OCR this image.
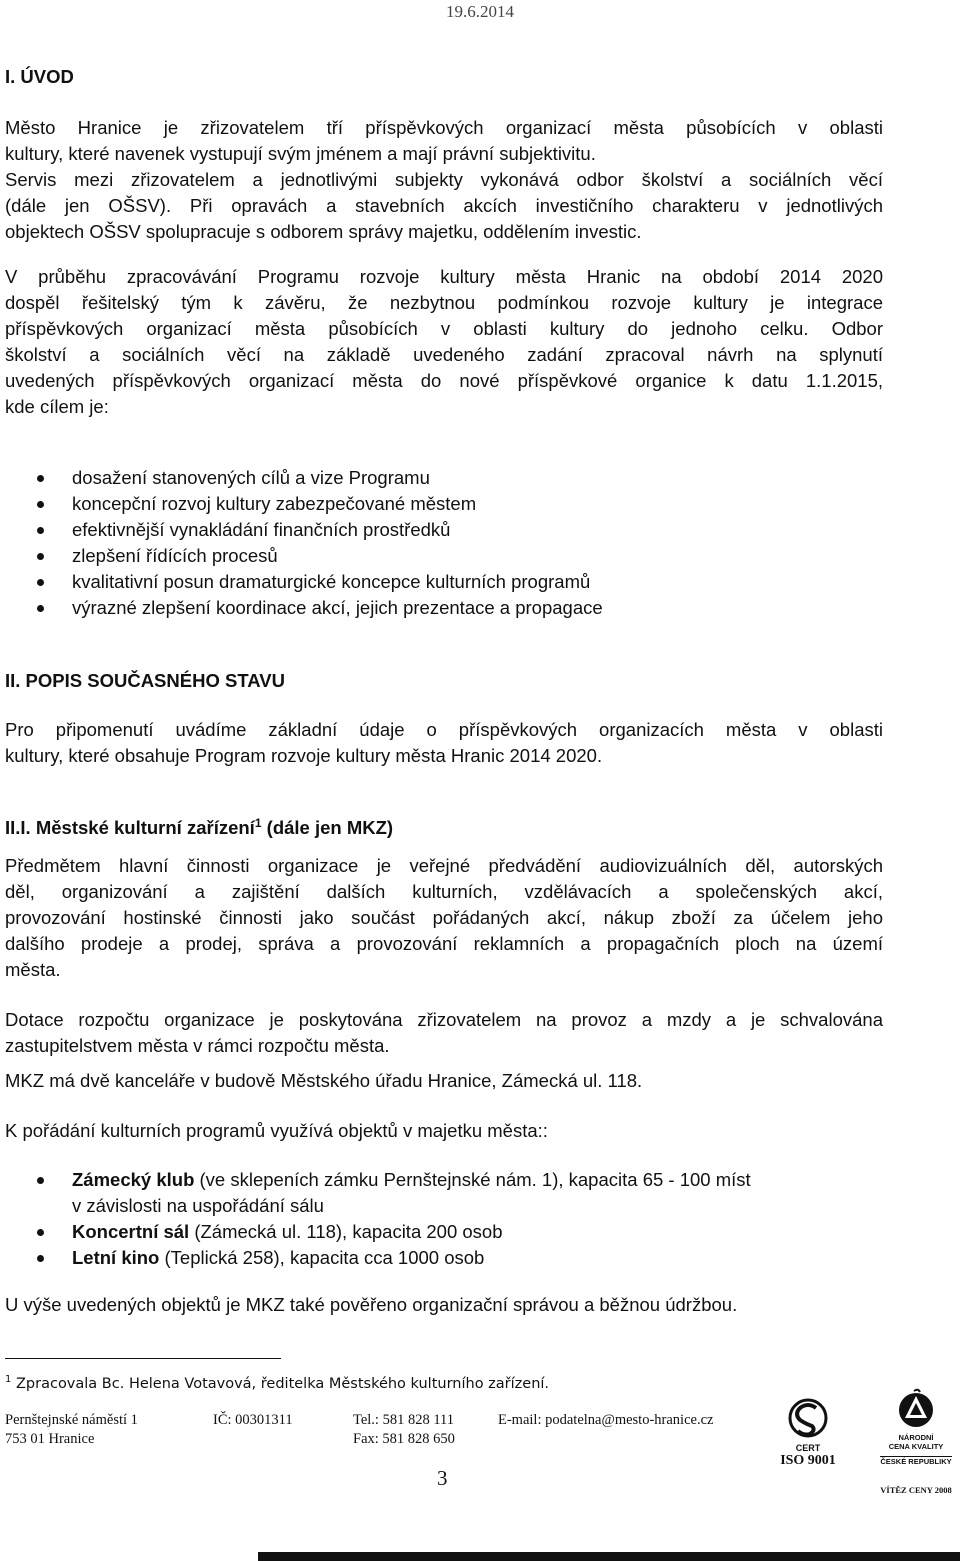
19.6.2014
I. ÚVOD
Město Hranice je zřizovatelem tří příspěvkových organizací města působících v oblasti
kultury, které navenek vystupují svým jménem a mají právní subjektivitu.
Servis mezi zřizovatelem a jednotlivými subjekty vykonává odbor školství a sociálních věcí
(dále jen OŠSV). Při opravách a stavebních akcích investičního charakteru v jednotlivých
objektech OŠSV spolupracuje s odborem správy majetku, oddělením investic.
V průběhu zpracovávání Programu rozvoje kultury města Hranic na období 2014 2020
dospěl řešitelský tým k závěru, že nezbytnou podmínkou rozvoje kultury je integrace
příspěvkových organizací města působících v oblasti kultury do jednoho celku. Odbor
školství a sociálních věcí na základě uvedeného zadání zpracoval návrh na splynutí
uvedených příspěvkových organizací města do nové příspěvkové organice k datu 1.1.2015,
kde cílem je:
dosažení stanovených cílů a vize Programu
koncepční rozvoj kultury zabezpečované městem
efektivnější vynakládání finančních prostředků
zlepšení řídících procesů
kvalitativní posun dramaturgické koncepce kulturních programů
výrazné zlepšení koordinace akcí, jejich prezentace a propagace
II. POPIS SOUČASNÉHO STAVU
Pro připomenutí uvádíme základní údaje o příspěvkových organizacích města v oblasti
kultury, které obsahuje Program rozvoje kultury města Hranic 2014 2020.
II.I. Městské kulturní zařízení$^1$ (dále jen MKZ)
Předmětem hlavní činnosti organizace je veřejné předvádění audiovizuálních děl, autorských
děl, organizování a zajištění dalších kulturních, vzdělávacích a společenských akcí,
provozování hostinské činnosti jako součást pořádaných akcí, nákup zboží za účelem jeho
dalšího prodeje a prodej, správa a provozování reklamních a propagačních ploch na území
města.
Dotace rozpočtu organizace je poskytována zřizovatelem na provoz a mzdy a je schvalována
zastupitelstvem města v rámci rozpočtu města.
MKZ má dvě kanceláře v budově Městského úřadu Hranice, Zámecká ul. 118.
K pořádání kulturních programů využívá objektů v majetku města::
Zámecký klub (ve sklepeních zámku Pernštejnské nám. 1), kapacita 65 - 100 míst
v závislosti na uspořádání sálu
Koncertní sál (Zámecká ul. 118), kapacita 200 osob
Letní kino (Teplická 258), kapacita cca 1000 osob
U výše uvedených objektů je MKZ také pověřeno organizační správou a běžnou údržbou.
$^1$ Zpracovala Bc. Helena Votavová, ředitelka Městského kulturního zařízení.
Pernštejnské náměstí 1
753 01 Hranice
IČ: 00301311	Tel.: 581 828 111
Fax: 581 828 650
E-mail: podatelna@mesto-hranice.cz
3
CERT
ISO 9001
NÁRODNÍ
CENA KVALITY
ČESKÉ REPUBLIKY
VÍTĚZ CENY 2008
